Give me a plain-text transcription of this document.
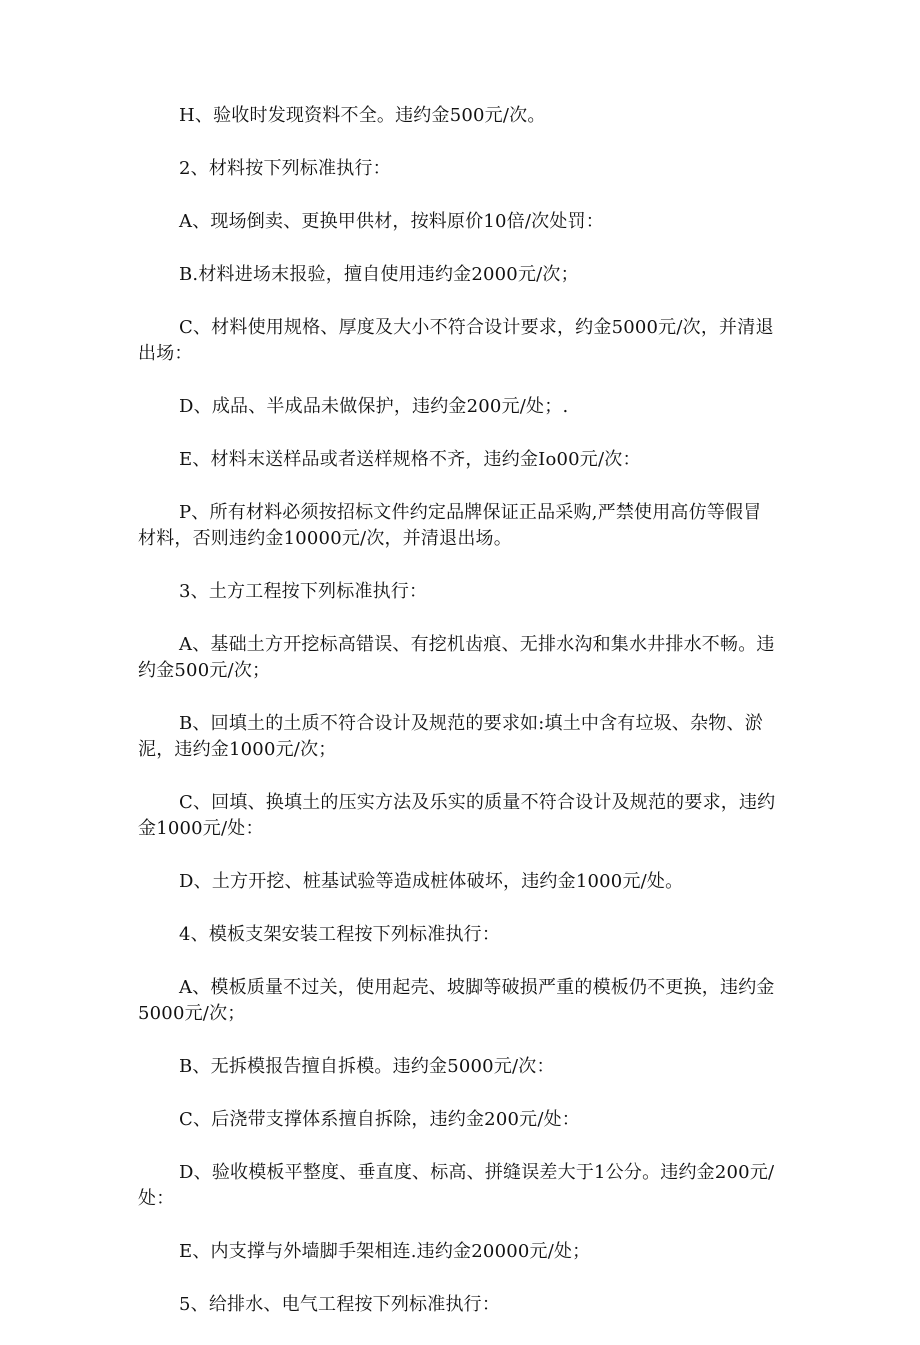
H、验收时发现资料不全。违约金500元/次。

2、材料按下列标准执行：

A、现场倒卖、更换甲供材，按料原价10倍/次处罚：

B.材料进场末报验，擅自使用违约金2000元/次；

C、材料使用规格、厚度及大小不符合设计要求，约金5000元/次，并清退出场：

D、成品、半成品未做保护，违约金200元/处；.

E、材料末送样品或者送样规格不齐，违约金Io00元/次：

P、所有材料必须按招标文件约定品牌保证正品采购,严禁使用高仿等假冒材料，否则违约金10000元/次，并清退出场。

3、土方工程按下列标准执行：

A、基础土方开挖标高错误、有挖机齿痕、无排水沟和集水井排水不畅。违约金500元/次；

B、回填土的土质不符合设计及规范的要求如:填土中含有垃圾、杂物、淤泥，违约金1000元/次；

C、回填、换填土的压实方法及乐实的质量不符合设计及规范的要求，违约金1000元/处：

D、土方开挖、桩基试验等造成桩体破坏，违约金1000元/处。

4、模板支架安装工程按下列标准执行：

A、模板质量不过关，使用起壳、坡脚等破损严重的模板仍不更换，违约金5000元/次；

B、无拆模报告擅自拆模。违约金5000元/次：

C、后浇带支撑体系擅自拆除，违约金200元/处：

D、验收模板平整度、垂直度、标高、拼缝误差大于1公分。违约金200元/处：

E、内支撑与外墙脚手架相连.违约金20000元/处；

5、给排水、电气工程按下列标准执行：
